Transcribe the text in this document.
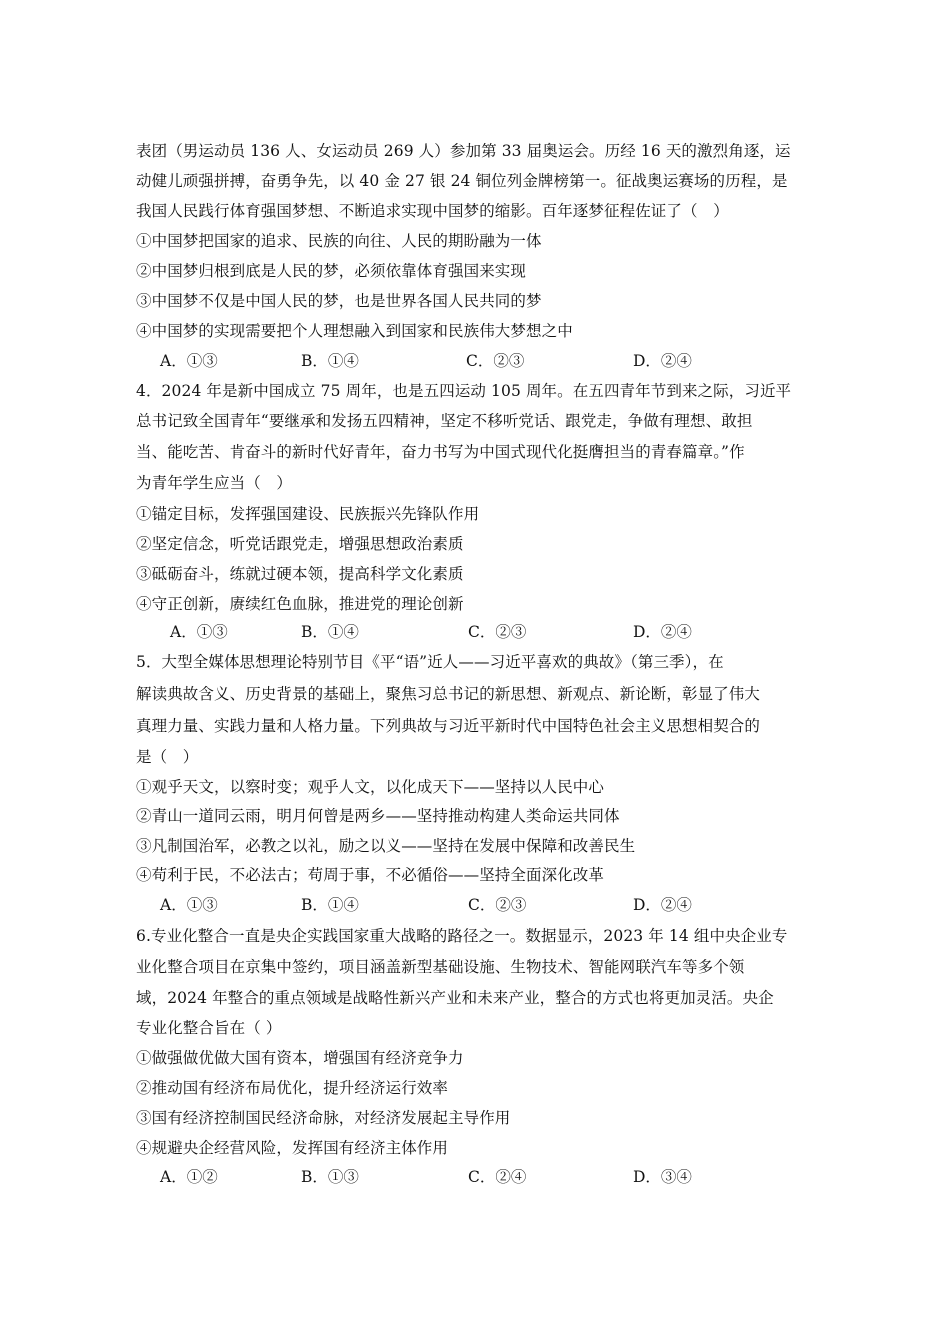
表团（男运动员 136 人、女运动员 269 人）参加第 33 届奥运会。历经 16 天的激烈角逐，运
动健儿顽强拼搏，奋勇争先，以 40 金 27 银 24 铜位列金牌榜第一。征战奥运赛场的历程，是
我国人民践行体育强国梦想、不断追求实现中国梦的缩影。百年逐梦征程佐证了（　）
①中国梦把国家的追求、民族的向往、人民的期盼融为一体
②中国梦归根到底是人民的梦，必须依靠体育强国来实现
③中国梦不仅是中国人民的梦，也是世界各国人民共同的梦
④中国梦的实现需要把个人理想融入到国家和民族伟大梦想之中
A．①③	B．①④	C．②③	D．②④
4．2024 年是新中国成立 75 周年，也是五四运动 105 周年。在五四青年节到来之际，习近平
总书记致全国青年“要继承和发扬五四精神，坚定不移听党话、跟党走，争做有理想、敢担
当、能吃苦、肯奋斗的新时代好青年，奋力书写为中国式现代化挺膺担当的青春篇章。”作
为青年学生应当（　）
①锚定目标，发挥强国建设、民族振兴先锋队作用
②坚定信念，听党话跟党走，增强思想政治素质
③砥砺奋斗，练就过硬本领，提高科学文化素质
④守正创新，赓续红色血脉，推进党的理论创新
A．①③	B．①④	C．②③	D．②④
5．大型全媒体思想理论特别节目《平“语”近人——习近平喜欢的典故》（第三季），在
解读典故含义、历史背景的基础上，聚焦习总书记的新思想、新观点、新论断，彰显了伟大
真理力量、实践力量和人格力量。下列典故与习近平新时代中国特色社会主义思想相契合的
是（　）
①观乎天文，以察时变；观乎人文，以化成天下——坚持以人民中心
②青山一道同云雨，明月何曾是两乡——坚持推动构建人类命运共同体
③凡制国治军，必教之以礼，励之以义——坚持在发展中保障和改善民生
④苟利于民，不必法古；苟周于事，不必循俗——坚持全面深化改革
A．①③	B．①④	C．②③	D．②④
6.专业化整合一直是央企实践国家重大战略的路径之一。数据显示，2023 年 14 组中央企业专
业化整合项目在京集中签约，项目涵盖新型基础设施、生物技术、智能网联汽车等多个领
域，2024 年整合的重点领域是战略性新兴产业和未来产业，整合的方式也将更加灵活。央企
专业化整合旨在（ ）
①做强做优做大国有资本，增强国有经济竞争力
②推动国有经济布局优化，提升经济运行效率
③国有经济控制国民经济命脉，对经济发展起主导作用
④规避央企经营风险，发挥国有经济主体作用
A．①②	B．①③	C．②④	D．③④
